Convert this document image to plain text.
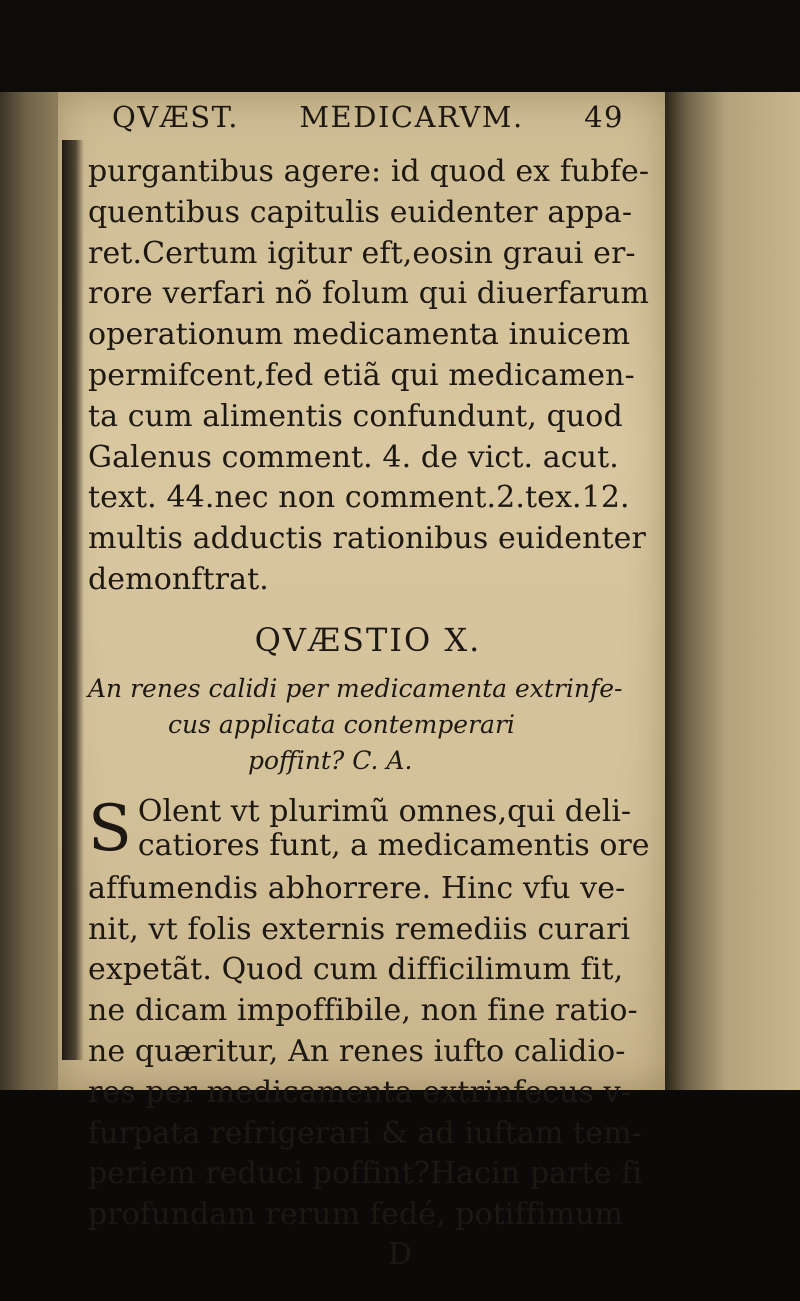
QVÆST. MEDICARVM. 49
purgantibus agere: id quod ex fubfe-
quentibus capitulis euidenter appa-
ret.Certum igitur eft,eosin graui er-
rore verfari nõ folum qui diuerfarum
operationum medicamenta inuicem
permifcent,fed etiã qui medicamen-
ta cum alimentis confundunt, quod
Galenus comment. 4. de vict. acut.
text. 44.nec non comment.2.tex.12.
multis adductis rationibus euidenter
demonftrat.
QVÆSTIO X.
An renes calidi per medicamenta extrinfe-
cus applicata contemperari
poffint? C. A.
S Olent vt plurimũ omnes,qui deli-
catiores funt, a medicamentis ore
affumendis abhorrere. Hinc vfu ve-
nit, vt folis externis remediis curari
expetãt. Quod cum difficilimum fit,
ne dicam impoffibile, non fine ratio-
ne quæritur, An renes iufto calidio-
res per medicamenta extrinfecus v-
furpata refrigerari & ad iuftam tem-
periem reduci poffint?Hacin parte fi
profundam rerum fedé, potiffimum
D
